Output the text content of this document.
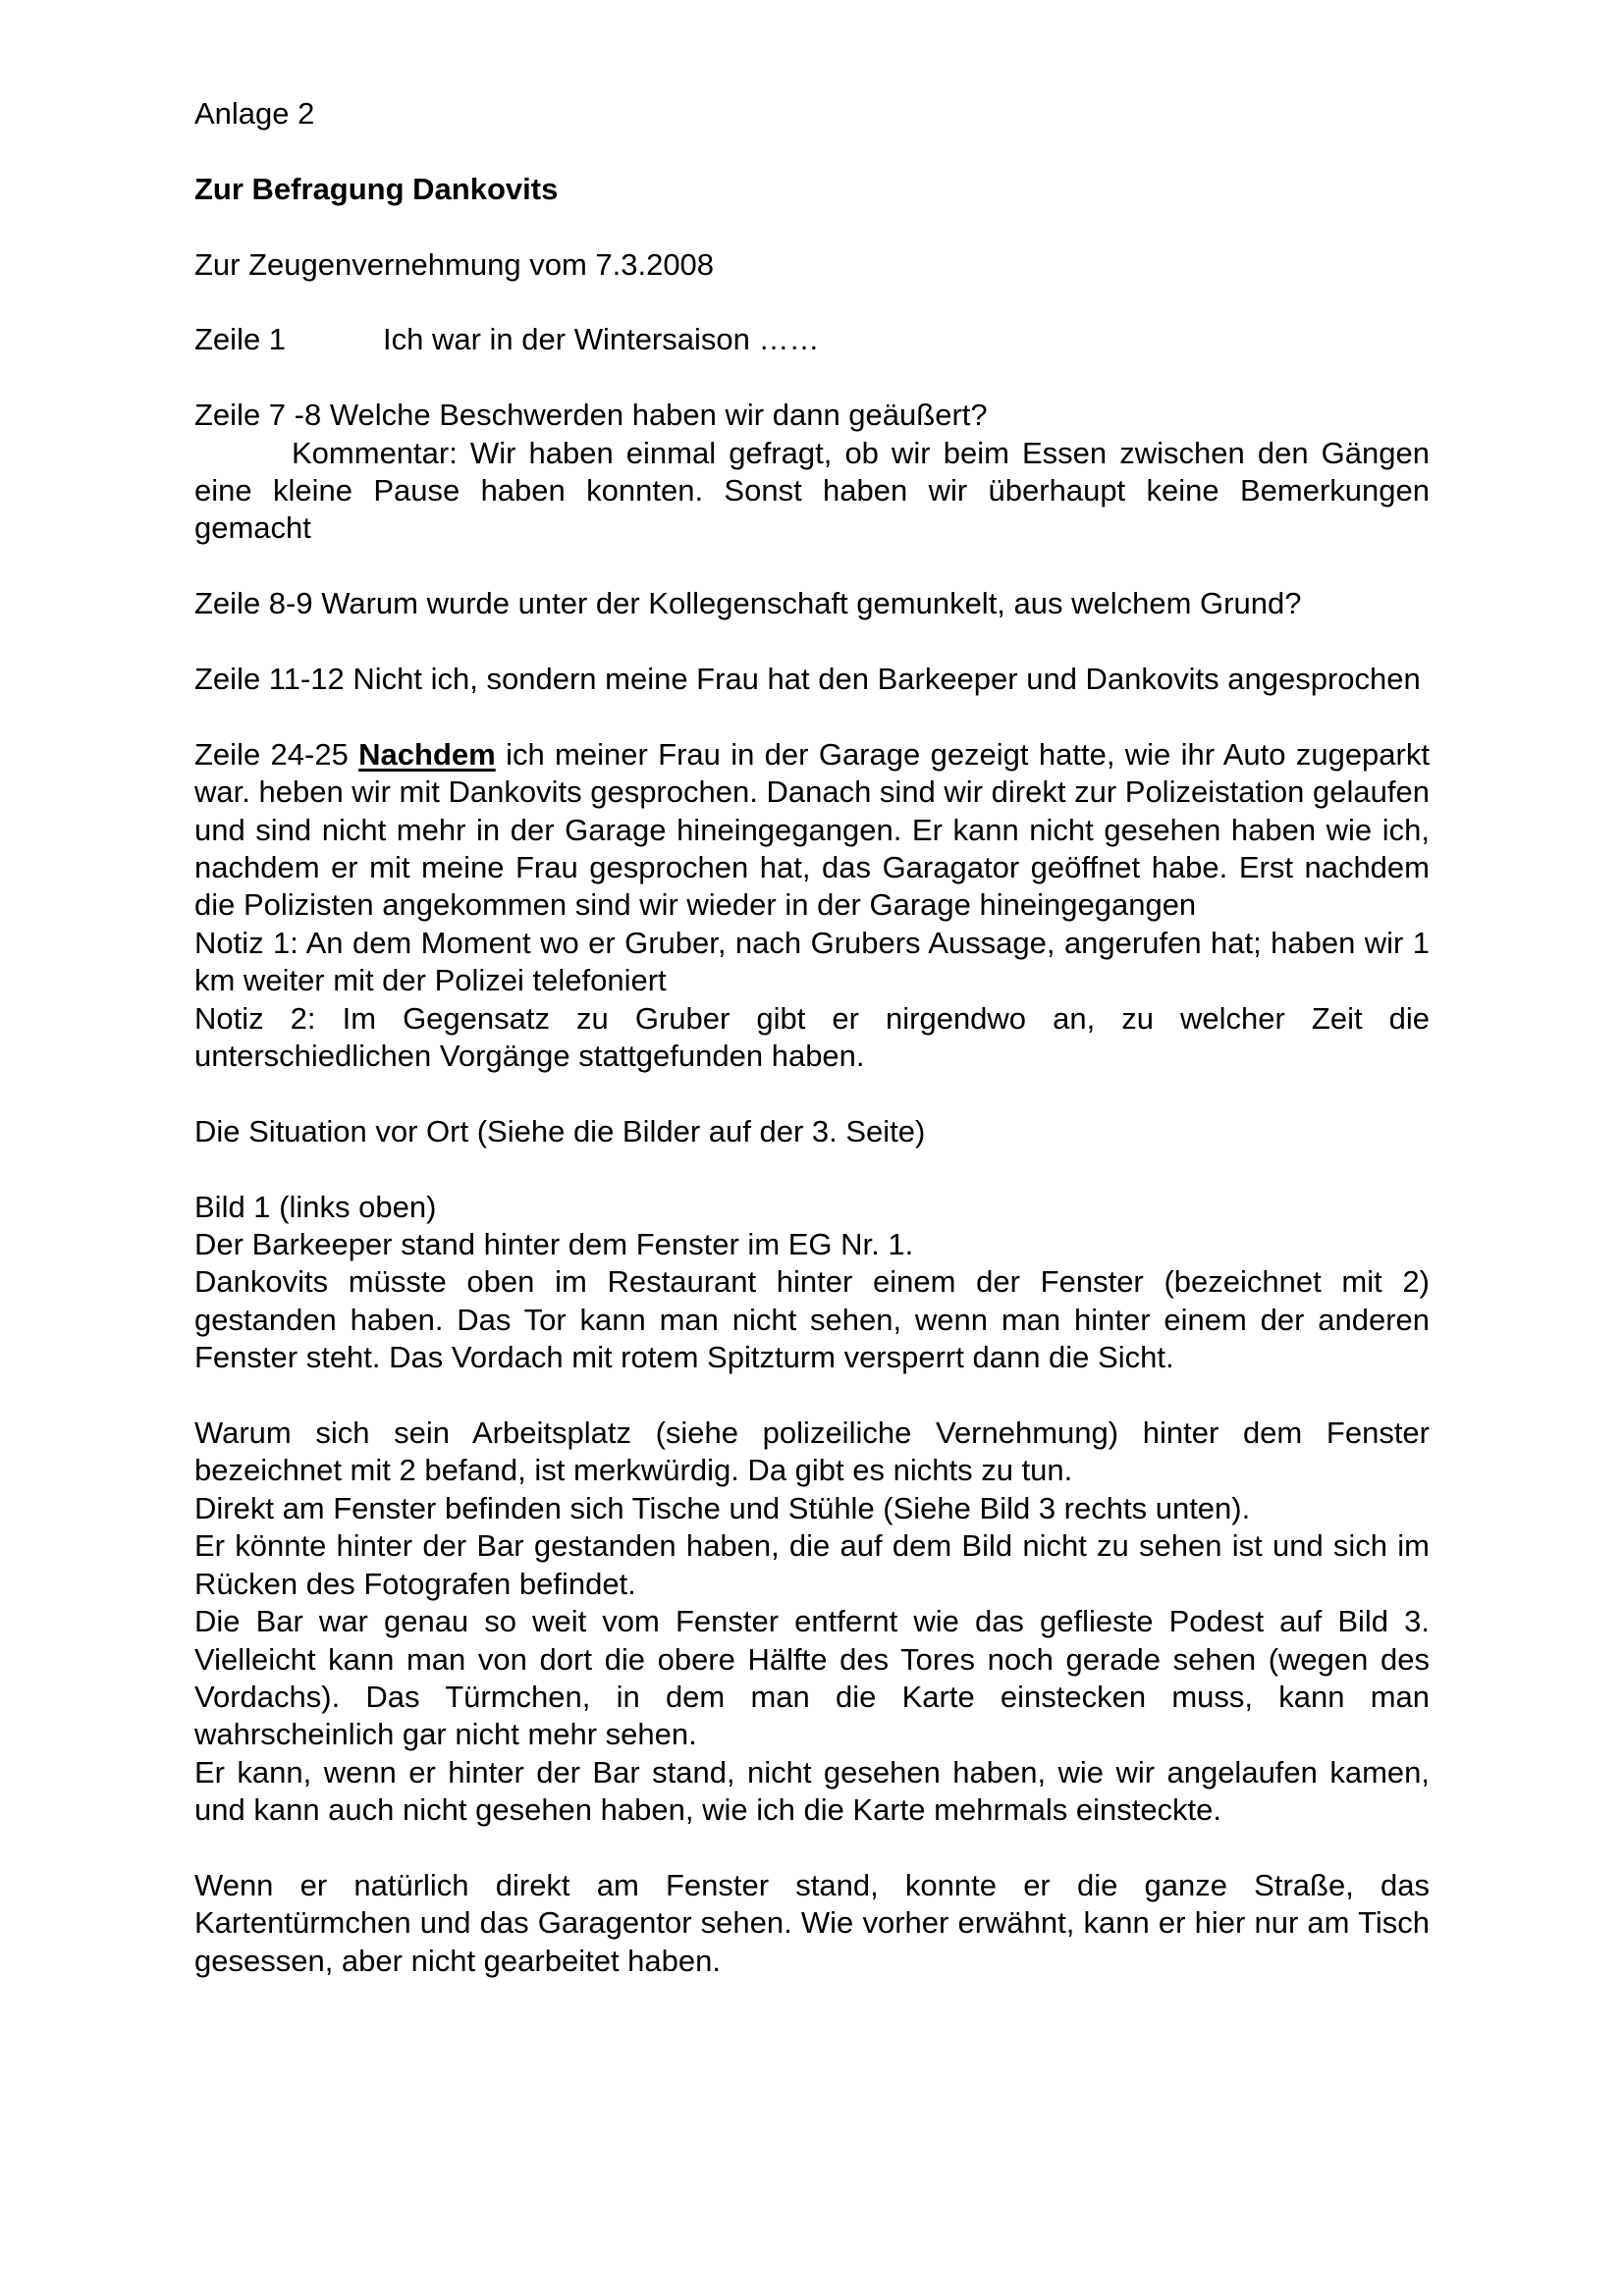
Anlage 2

Zur Befragung Dankovits

Zur Zeugenvernehmung vom 7.3.2008

Zeile 1	Ich war in der Wintersaison ……

Zeile 7 -8 Welche Beschwerden haben wir dann geäußert?

Kommentar: Wir haben einmal gefragt, ob wir beim Essen zwischen den Gängen eine kleine Pause haben konnten. Sonst haben wir überhaupt keine Bemerkungen gemacht

Zeile 8-9 Warum wurde unter der Kollegenschaft gemunkelt, aus welchem Grund?

Zeile 11-12 Nicht ich, sondern meine Frau hat den Barkeeper und Dankovits angesprochen

Zeile 24-25 Nachdem ich meiner Frau in der Garage gezeigt hatte, wie ihr Auto zugeparkt war. heben wir mit Dankovits gesprochen. Danach sind wir direkt zur Polizeistation gelaufen und sind nicht mehr in der Garage hineingegangen. Er kann nicht gesehen haben wie ich, nachdem er mit meine Frau gesprochen hat, das Garagator geöffnet habe. Erst nachdem die Polizisten angekommen sind wir wieder in der Garage hineingegangen

Notiz 1: An dem Moment wo er Gruber, nach Grubers Aussage, angerufen hat; haben wir 1 km weiter mit der Polizei telefoniert

Notiz 2: Im Gegensatz zu Gruber gibt er nirgendwo an, zu welcher Zeit die unterschiedlichen Vorgänge stattgefunden haben.

Die Situation vor Ort (Siehe die Bilder auf der 3. Seite)

Bild 1 (links oben)

Der Barkeeper stand hinter dem Fenster im EG Nr. 1.

Dankovits müsste oben im Restaurant hinter einem der Fenster (bezeichnet mit 2) gestanden haben. Das Tor kann man nicht sehen, wenn man hinter einem der anderen Fenster steht. Das Vordach mit rotem Spitzturm versperrt dann die Sicht.

Warum sich sein Arbeitsplatz (siehe polizeiliche Vernehmung) hinter dem Fenster bezeichnet mit 2 befand, ist merkwürdig. Da gibt es nichts zu tun.

Direkt am Fenster befinden sich Tische und Stühle (Siehe Bild 3 rechts unten).

Er könnte hinter der Bar gestanden haben, die auf dem Bild nicht zu sehen ist und sich im Rücken des Fotografen befindet.

Die Bar war genau so weit vom Fenster entfernt wie das geflieste Podest auf Bild 3. Vielleicht kann man von dort die obere Hälfte des Tores noch gerade sehen (wegen des Vordachs). Das Türmchen, in dem man die Karte einstecken muss, kann man wahrscheinlich gar nicht mehr sehen.

Er kann, wenn er hinter der Bar stand, nicht gesehen haben, wie wir angelaufen kamen, und kann auch nicht gesehen haben, wie ich die Karte mehrmals einsteckte.

Wenn er natürlich direkt am Fenster stand, konnte er die ganze Straße, das Kartentürmchen und das Garagentor sehen. Wie vorher erwähnt, kann er hier nur am Tisch gesessen, aber nicht gearbeitet haben.
